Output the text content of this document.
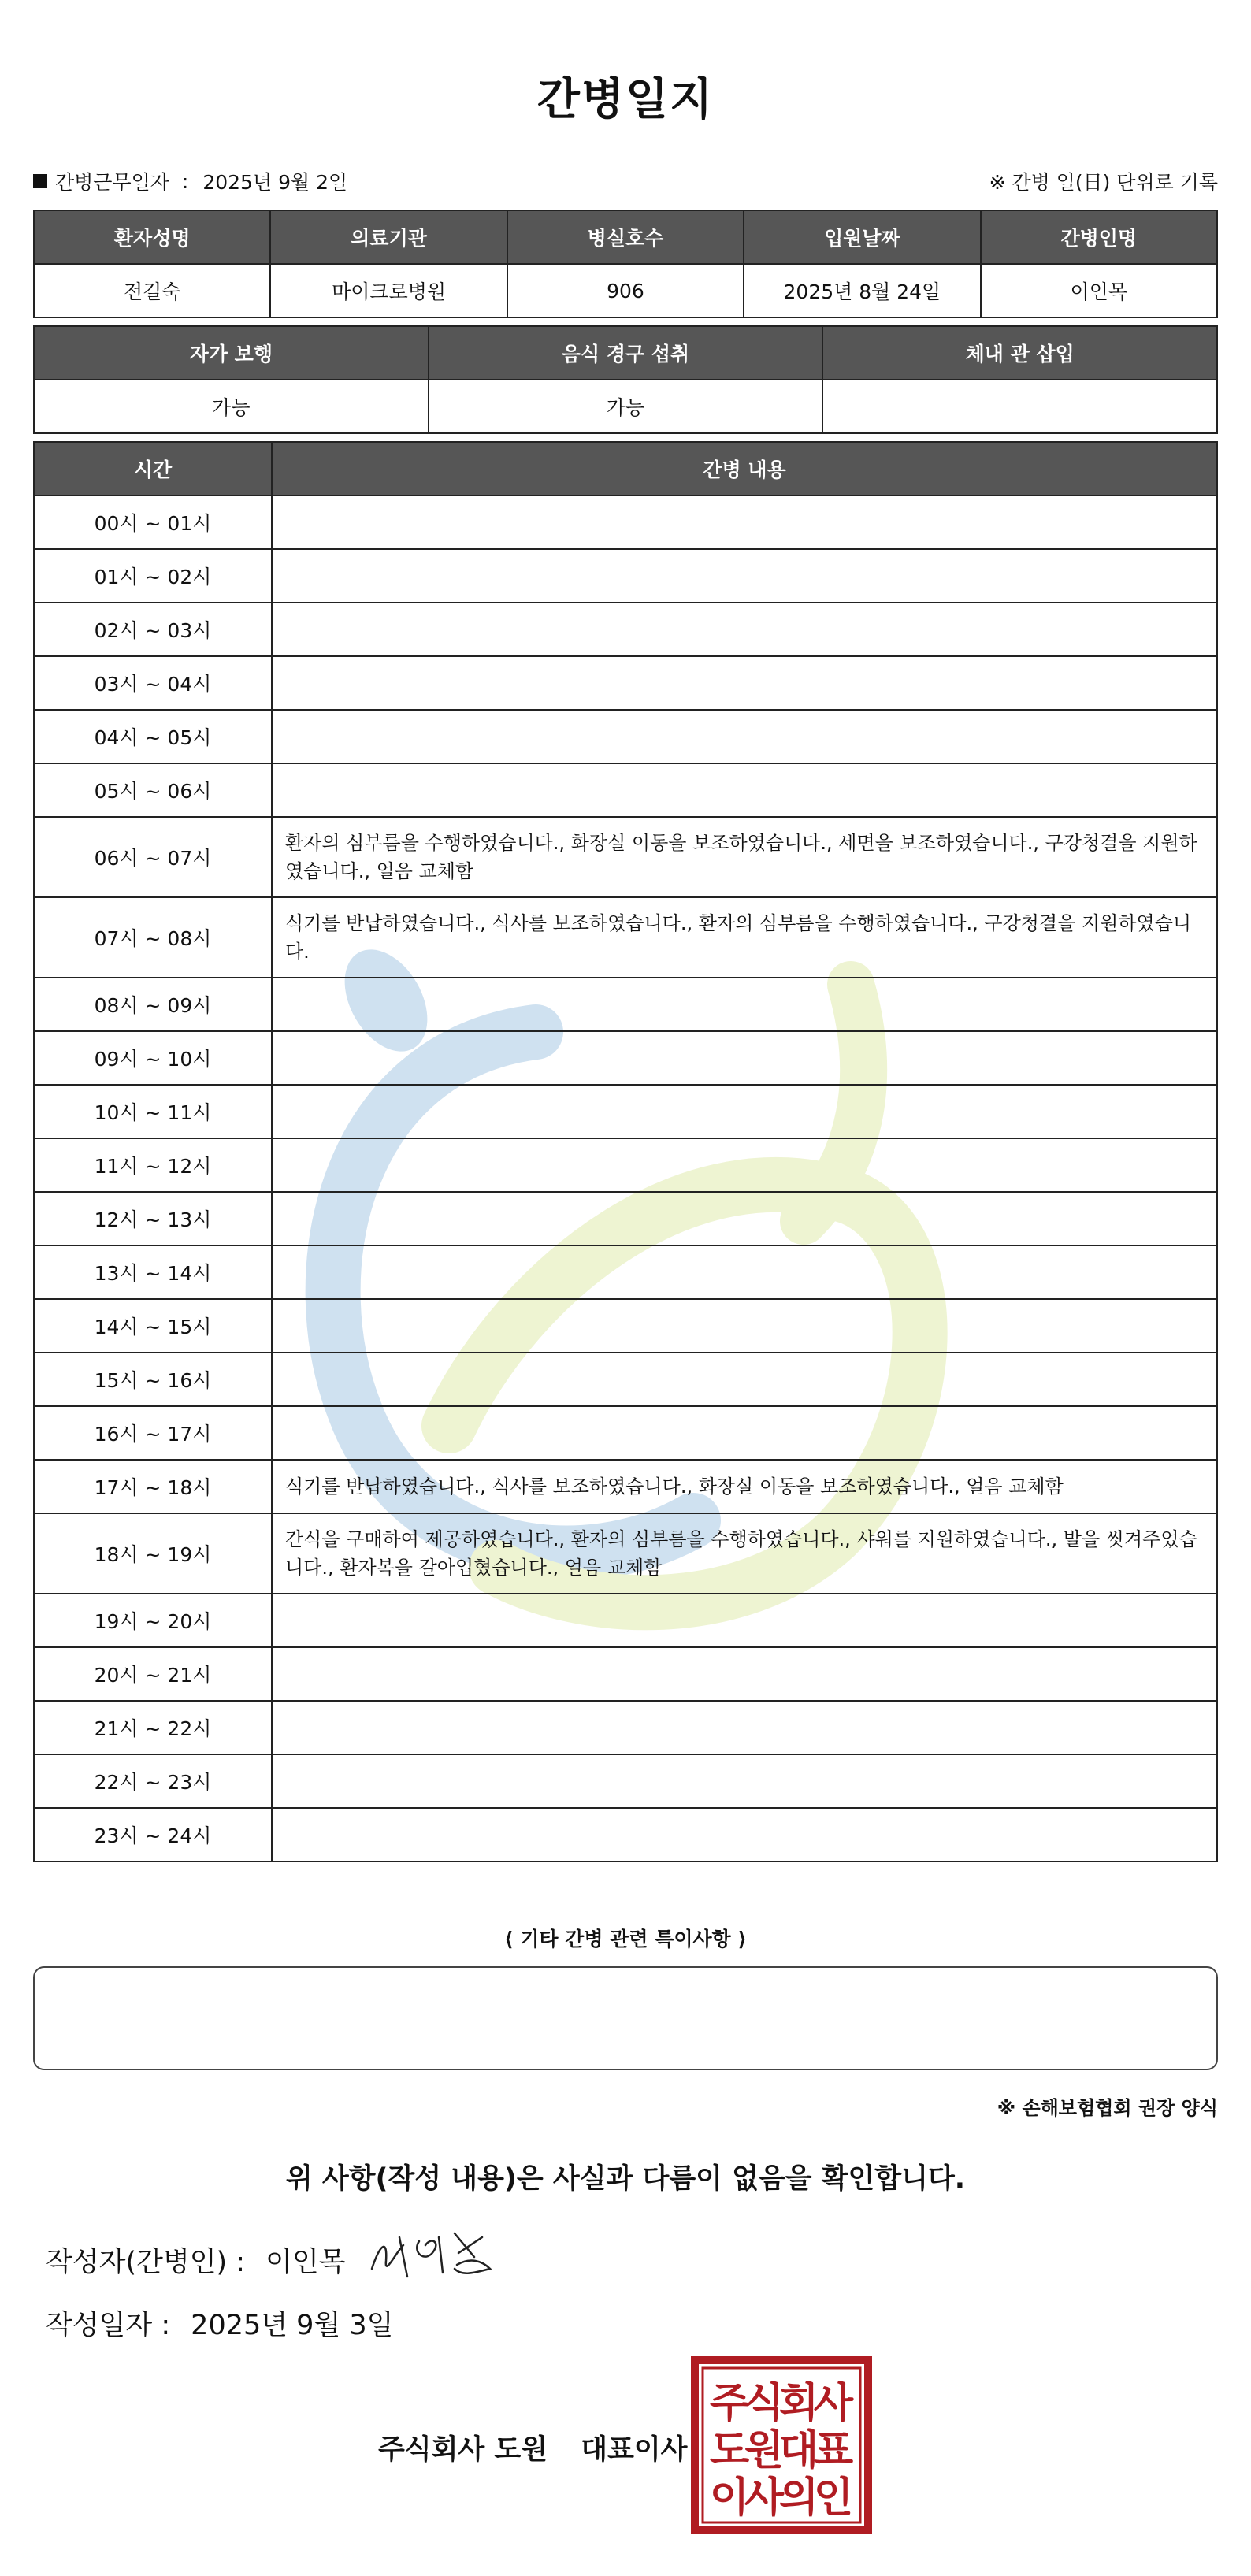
간병일지
간병근무일자 : 2025년 9월 2일	※ 간병 일(日) 단위로 기록
환자성명	의료기관	병실호수	입원날짜	간병인명
전길숙	마이크로병원	906	2025년 8월 24일	이인목
자가 보행	음식 경구 섭취	체내 관 삽입
가능	가능	
시간	간병 내용
00시 ~ 01시	
01시 ~ 02시	
02시 ~ 03시	
03시 ~ 04시	
04시 ~ 05시	
05시 ~ 06시	
06시 ~ 07시	환자의 심부름을 수행하였습니다., 화장실 이동을 보조하였습니다., 세면을 보조하였습니다., 구강청결을 지원하였습니다., 얼음 교체함
07시 ~ 08시	식기를 반납하였습니다., 식사를 보조하였습니다., 환자의 심부름을 수행하였습니다., 구강청결을 지원하였습니다.
08시 ~ 09시	
09시 ~ 10시	
10시 ~ 11시	
11시 ~ 12시	
12시 ~ 13시	
13시 ~ 14시	
14시 ~ 15시	
15시 ~ 16시	
16시 ~ 17시	
17시 ~ 18시	식기를 반납하였습니다., 식사를 보조하였습니다., 화장실 이동을 보조하였습니다., 얼음 교체함
18시 ~ 19시	간식을 구매하여 제공하였습니다., 환자의 심부름을 수행하였습니다., 샤워를 지원하였습니다., 발을 씻겨주었습니다., 환자복을 갈아입혔습니다., 얼음 교체함
19시 ~ 20시	
20시 ~ 21시	
21시 ~ 22시	
22시 ~ 23시	
23시 ~ 24시	
⟨ 기타 간병 관련 특이사항 ⟩
※ 손해보험협회 권장 양식
위 사항(작성 내용)은 사실과 다름이 없음을 확인합니다.
작성자(간병인) : 이인목
작성일자 : 2025년 9월 3일
주식회사 도원 대표이사
주
식
회
사
도
원
대
표
이
사
의
인
